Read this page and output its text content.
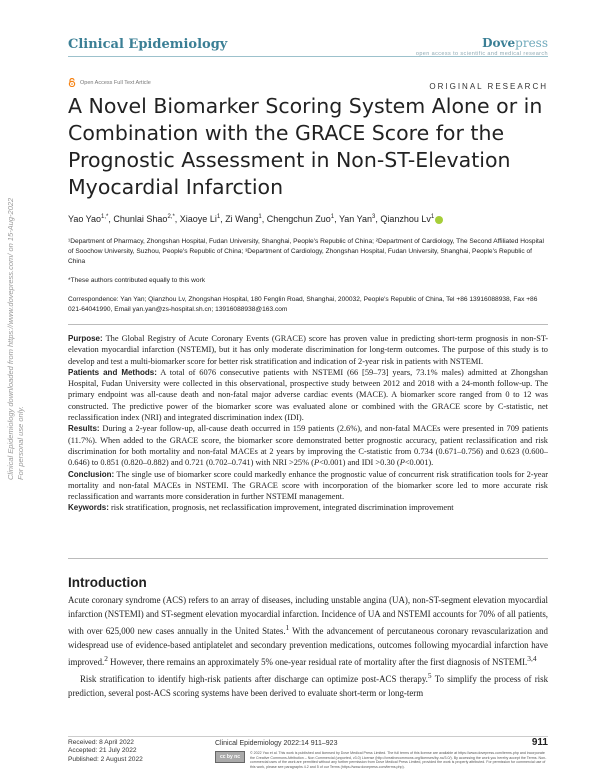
Clinical Epidemiology	Dovepress
open access to scientific and medical research
Open Access Full Text Article	ORIGINAL RESEARCH
A Novel Biomarker Scoring System Alone or in Combination with the GRACE Score for the Prognostic Assessment in Non-ST-Elevation Myocardial Infarction
Yao Yao$^{1,*}$, Chunlai Shao$^{2,*}$, Xiaoye Li$^1$, Zi Wang$^1$, Chengchun Zuo$^1$, Yan Yan$^3$, Qianzhou Lv$^1$
¹Department of Pharmacy, Zhongshan Hospital, Fudan University, Shanghai, People's Republic of China; ²Department of Cardiology, The Second Affiliated Hospital of Soochow University, Suzhou, People's Republic of China; ³Department of Cardiology, Zhongshan Hospital, Fudan University, Shanghai, People's Republic of China
*These authors contributed equally to this work
Correspondence: Yan Yan; Qianzhou Lv, Zhongshan Hospital, 180 Fenglin Road, Shanghai, 200032, People's Republic of China, Tel +86 13916088938, Fax +86 021-64041990, Email yan.yan@zs-hospital.sh.cn; 13916088938@163.com

Purpose: The Global Registry of Acute Coronary Events (GRACE) score has proven value in predicting short-term prognosis in non-ST-elevation myocardial infarction (NSTEMI), but it has only moderate discrimination for long-term outcomes. The purpose of this study is to develop and test a multi-biomarker score for better risk stratification and indication of 2-year risk in patients with NSTEMI.

Patients and Methods: A total of 6076 consecutive patients with NSTEMI (66 [59–73] years, 73.1% males) admitted at Zhongshan Hospital, Fudan University were collected in this observational, prospective study between 2012 and 2018 with a 24-month follow-up. The primary endpoint was all-cause death and non-fatal major adverse cardiac events (MACE). A biomarker score ranged from 0 to 12 was constructed. The predictive power of the biomarker score was evaluated alone or combined with the GRACE score by C-statistic, net reclassification index (NRI) and integrated discrimination index (IDI).

Results: During a 2-year follow-up, all-cause death occurred in 159 patients (2.6%), and non-fatal MACEs were presented in 709 patients (11.7%). When added to the GRACE score, the biomarker score demonstrated better prognostic accuracy, patient reclassification and risk discrimination for both mortality and non-fatal MACEs at 2 years by improving the C-statistic from 0.734 (0.671–0.756) and 0.623 (0.600–0.646) to 0.851 (0.820–0.882) and 0.721 (0.702–0.741) with NRI >25% (P<0.001) and IDI >0.30 (P<0.001).

Conclusion: The single use of biomarker score could markedly enhance the prognostic value of concurrent risk stratification tools for 2-year mortality and non-fatal MACEs in NSTEMI. The GRACE score with incorporation of the biomarker score led to more accurate risk reclassification and warrants more consideration in further NSTEMI management.

Keywords: risk stratification, prognosis, net reclassification improvement, integrated discrimination improvement

Introduction

Acute coronary syndrome (ACS) refers to an array of diseases, including unstable angina (UA), non-ST-segment elevation myocardial infarction (NSTEMI) and ST-segment elevation myocardial infarction. Incidence of UA and NSTEMI accounts for 70% of all patients, with over 625,000 new cases annually in the United States.$^1$ With the advancement of percutaneous coronary revascularization and widespread use of evidence-based antiplatelet and secondary prevention medications, outcomes following myocardial infarction have improved.$^2$ However, there remains an approximately 5% one-year residual rate of mortality after the first diagnosis of NSTEMI.$^{3,4}$

Risk stratification to identify high-risk patients after discharge can optimize post-ACS therapy.$^5$ To simplify the process of risk prediction, several post-ACS scoring systems have been derived to evaluate short-term or long-term

Clinical Epidemiology downloaded from https://www.dovepress.com/ on 15-Aug-2022 For personal use only.
Received: 8 April 2022
Accepted: 21 July 2022
Published: 2 August 2022
Clinical Epidemiology 2022:14 911–923	911
cc by nc
© 2022 Yao et al. This work is published and licensed by Dove Medical Press Limited. The full terms of this license are available at https://www.dovepress.com/terms.php and incorporate the Creative Commons Attribution – Non Commercial (unported, v3.0) License (http://creativecommons.org/licenses/by-nc/3.0/). By accessing the work you hereby accept the Terms. Non-commercial uses of the work are permitted without any further permission from Dove Medical Press Limited, provided the work is properly attributed. For permission for commercial use of this work, please see paragraphs 4.2 and 5 of our Terms (https://www.dovepress.com/terms.php).
